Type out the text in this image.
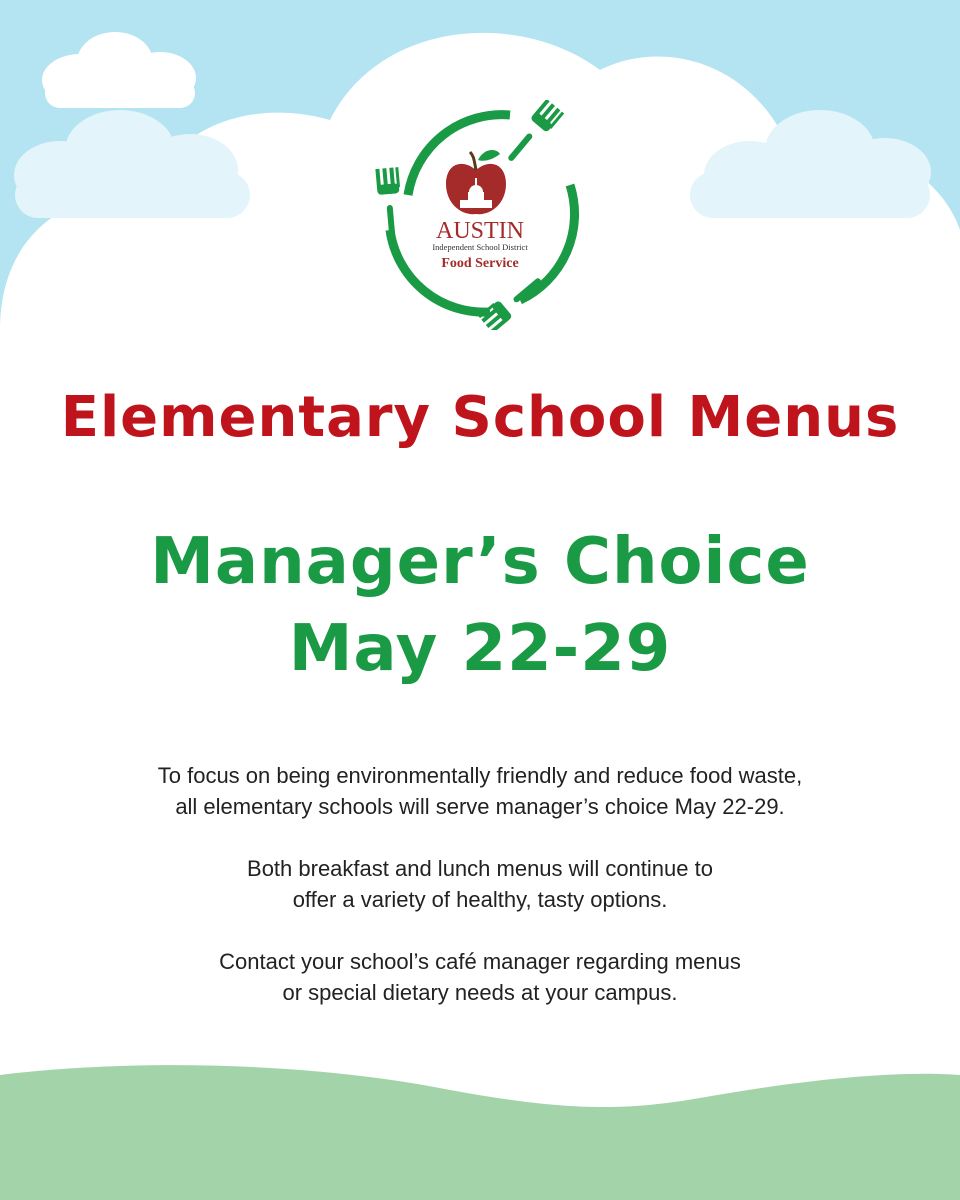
AUSTIN
Independent School District
Food Service
Elementary School Menus
Manager’s Choice
May 22-29
To focus on being environmentally friendly and reduce food waste,
all elementary schools will serve manager’s choice May 22-29.
Both breakfast and lunch menus will continue to
offer a variety of healthy, tasty options.
Contact your school’s café manager regarding menus
or special dietary needs at your campus.
